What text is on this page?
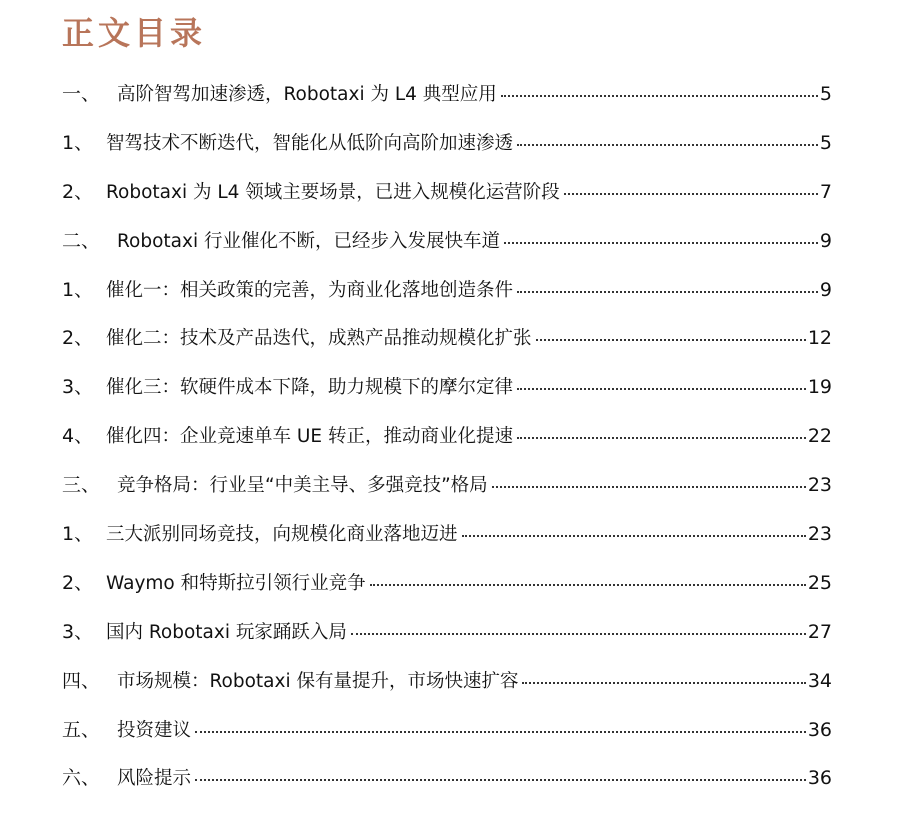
正文目录
一、 高阶智驾加速渗透，Robotaxi 为 L4 典型应用	5
1、 智驾技术不断迭代，智能化从低阶向高阶加速渗透	5
2、 Robotaxi 为 L4 领域主要场景，已进入规模化运营阶段	7
二、 Robotaxi 行业催化不断，已经步入发展快车道	9
1、 催化一：相关政策的完善，为商业化落地创造条件	9
2、 催化二：技术及产品迭代，成熟产品推动规模化扩张	12
3、 催化三：软硬件成本下降，助力规模下的摩尔定律	19
4、 催化四：企业竞速单车 UE 转正，推动商业化提速	22
三、 竞争格局：行业呈“中美主导、多强竞技”格局	23
1、 三大派别同场竞技，向规模化商业落地迈进	23
2、 Waymo 和特斯拉引领行业竞争	25
3、 国内 Robotaxi 玩家踊跃入局	27
四、 市场规模：Robotaxi 保有量提升，市场快速扩容	34
五、 投资建议	36
六、 风险提示	36
